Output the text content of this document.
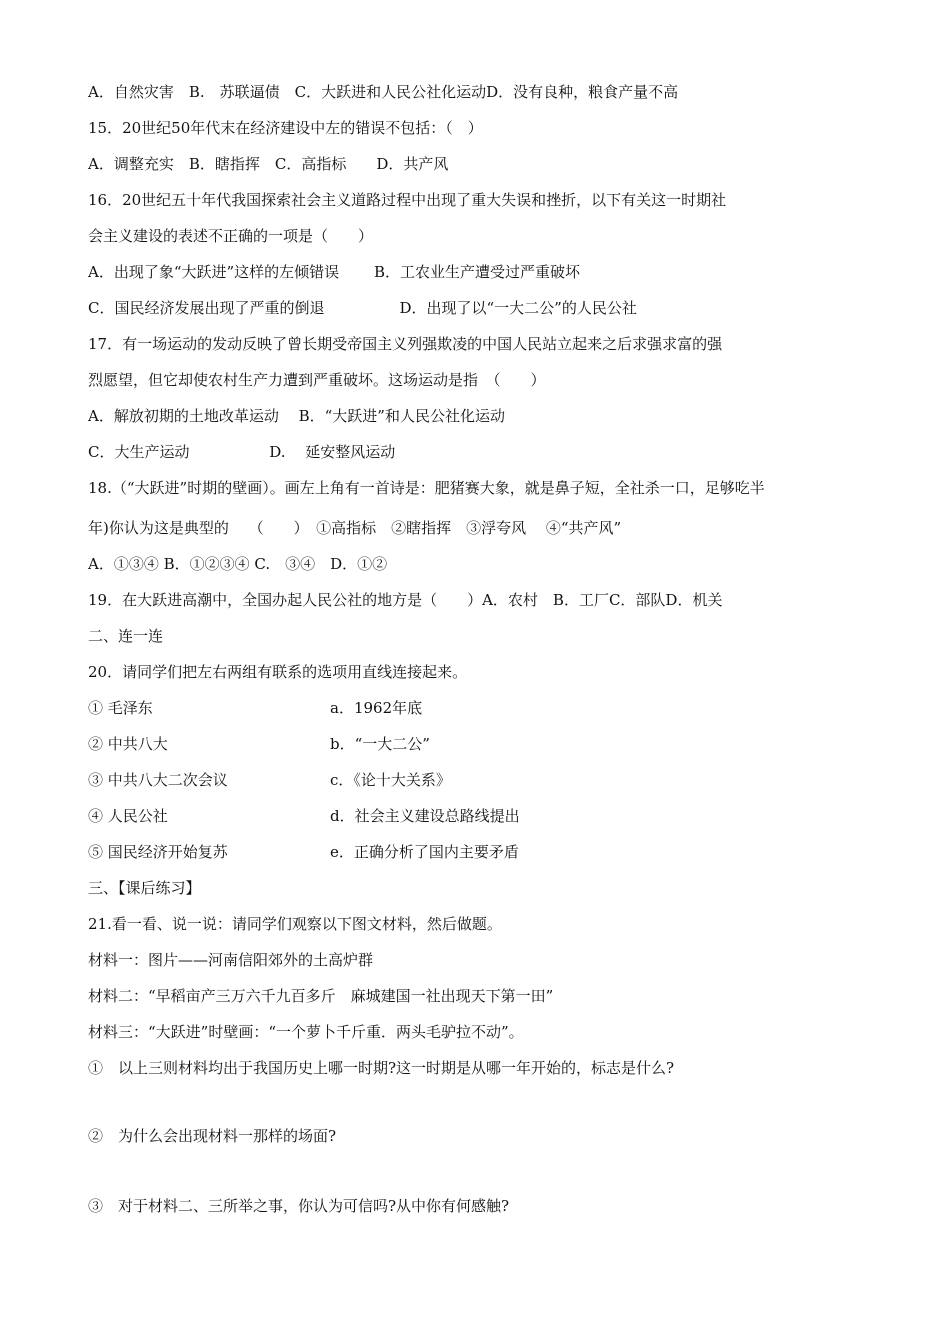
A．自然灾害　B.　苏联逼债　C．大跃进和人民公社化运动D．没有良种，粮食产量不高
15．20世纪50年代末在经济建设中左的错误不包括：（　）
A．调整充实　B．瞎指挥　C．高指标　　D．共产风
16．20世纪五十年代我国探索社会主义道路过程中出现了重大失误和挫折，以下有关这一时期社
会主义建设的表述不正确的一项是（　　）
A．出现了象“大跃进”这样的左倾错误　　 B．工农业生产遭受过严重破坏
C．国民经济发展出现了严重的倒退　　　　　D．出现了以“一大二公”的人民公社
17．有一场运动的发动反映了曾长期受帝国主义列强欺凌的中国人民站立起来之后求强求富的强
烈愿望，但它却使农村生产力遭到严重破坏。这场运动是指　（　　）
A．解放初期的土地改革运动　 B．“大跃进”和人民公社化运动
C．大生产运动　　　　　 D.　 延安整风运动
18.（“大跃进”时期的壁画）。画左上角有一首诗是：肥猪赛大象，就是鼻子短，全社杀一口，足够吃半
年)你认为这是典型的　 （　　）　①高指标　②瞎指挥　③浮夸风　 ④“共产风”
A．①③④ B．①②③④ C.　③④　D．①②
19．在大跃进高潮中，全国办起人民公社的地方是（　　）A．农村　B．工厂C．部队D．机关
二、连一连
20．请同学们把左右两组有联系的选项用直线连接起来。
① 毛泽东	a．1962年底
② 中共八大	b．“一大二公”
③ 中共八大二次会议	c．《论十大关系》
④ 人民公社	d．社会主义建设总路线提出
⑤ 国民经济开始复苏	e．正确分析了国内主要矛盾
三、【课后练习】
21.看一看、说一说：请同学们观察以下图文材料，然后做题。
材料一：图片——河南信阳郊外的土高炉群
材料二：“早稻亩产三万六千九百多斤　麻城建国一社出现天下第一田”
材料三：“大跃进”时壁画：“一个萝卜千斤重．两头毛驴拉不动”。
①　以上三则材料均出于我国历史上哪一时期?这一时期是从哪一年开始的，标志是什么?
②　为什么会出现材料一那样的场面?
③　对于材料二、三所举之事，你认为可信吗?从中你有何感触?
